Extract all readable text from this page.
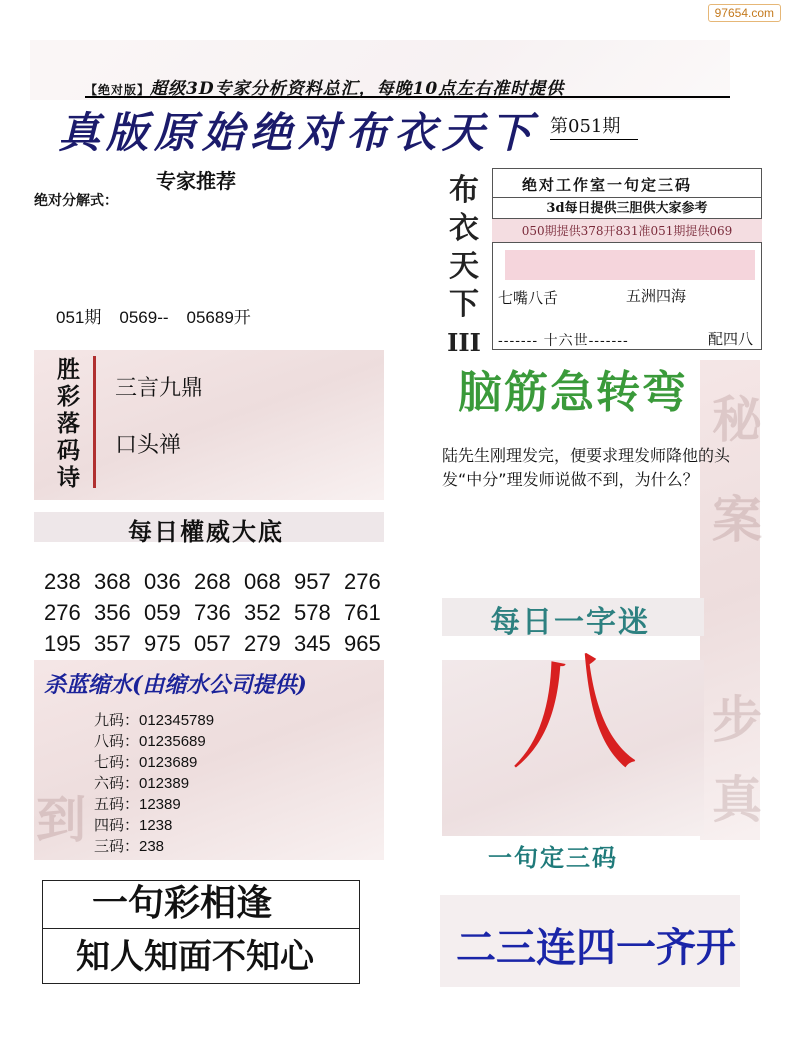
97654.com
【绝对版】超级3D专家分析资料总汇，每晚10点左右准时提供
真版原始绝对布衣天下 第051期
专家推荐
绝对分解式：
051期 0569-- 05689开
胜
彩
落
码
诗
三言九鼎
口头禅
每日權威大底
238 368 036 268 068 957 276
276 356 059 736 352 578 761
195 357 975 057 279 345 965
杀蓝缩水(由缩水公司提供)
九码：012345789
八码：01235689
七码：0123689
六码：012389
五码：12389
四码：1238
三码：238
一句彩相逢
知人知面不知心
布
衣
天
下
III
绝对工作室一句定三码
3d每日提供三胆供大家参考
050期提供378开831准051期提供069
七嘴八舌	五洲四海
------- 十六世-------	配四八
脑筋急转弯
陆先生刚理发完，便要求理发师降他的头发“中分”理发师说做不到，为什么？
每日一字迷
八
一句定三码
二三连四一齐开
秘
案
步
真
到
